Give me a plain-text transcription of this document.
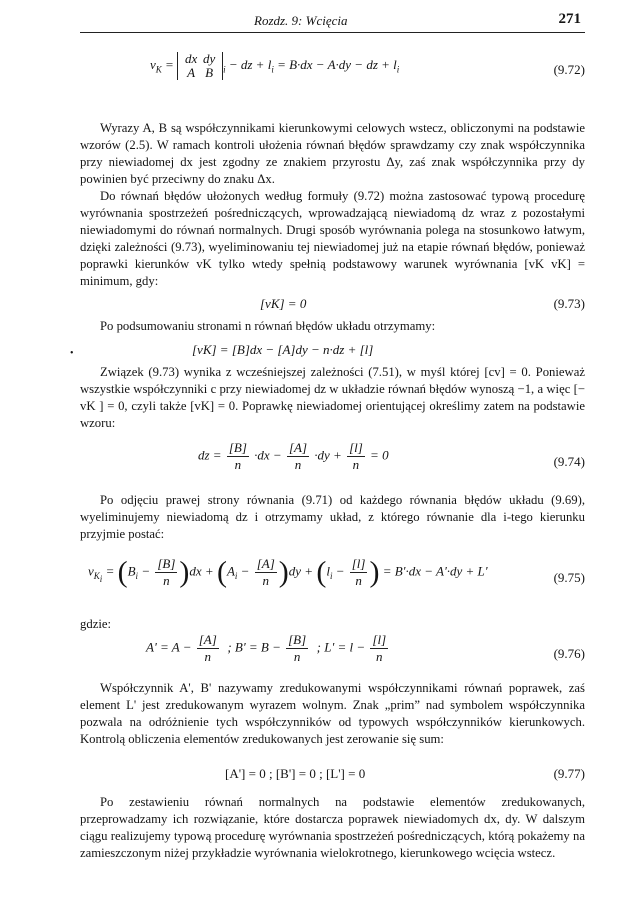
Rozdz. 9: Wcięcia	271
$v_K$ = dx dy
A B $_i$ − dz + $l_i = B\cdot dx - A\cdot dy$ − dz + $l_i$	(9.72)

Wyrazy A, B są współczynnikami kierunkowymi celowych wstecz, obliczonymi na podstawie wzorów (2.5). W ramach kontroli ułożenia równań błędów sprawdzamy czy znak współczynnika przy niewiadomej dx jest zgodny ze znakiem przyrostu Δy, zaś znak współczynnika przy dy powinien być przeciwny do znaku Δx.

Do równań błędów ułożonych według formuły (9.72) można zastosować typową procedurę wyrównania spostrzeżeń pośredniczących, wprowadzającą niewiadomą dz wraz z pozostałymi niewiadomymi do równań normalnych. Drugi sposób wyrównania polega na stosunkowo łatwym, dzięki zależności (9.73), wyeliminowaniu tej niewiadomej już na etapie równań błędów, ponieważ poprawki kierunków vK tylko wtedy spełnią podstawowy warunek wyrównania [vK vK] = minimum, gdy:

[vK] = 0	(9.73)

Po podsumowaniu stronami n równań błędów układu otrzymamy:

•	[vK] = [B]dx − [A]dy − n·dz + [l]

Związek (9.73) wynika z wcześniejszej zależności (7.51), w myśl której [cv] = 0. Ponieważ wszystkie współczynniki c przy niewiadomej dz w układzie równań błędów wynoszą −1, a więc [− vK ] = 0, czyli także [vK] = 0. Poprawkę niewiadomej orientującej określimy zatem na podstawie wzoru:

dz = $\frac{[B]}{n} \cdot dx - \frac{[A]}{n} \cdot dy + \frac{[l]}{n} = 0$	(9.74)

Po odjęciu prawej strony równania (9.71) od każdego równania błędów układu (9.69), wyeliminujemy niewiadomą dz i otrzymamy układ, z którego równanie dla i-tego kierunku przyjmie postać:

$v_{K_i} = (B_i - \frac{[B]}{n} )dx + (A_i - \frac{[A]}{n} )dy + (l_i - \frac{[l]}{n}$ ) = B'·dx − A'·dy + L'	(9.75)

gdzie:

$A' = A - \frac{[A]}{n}$ ; $B' = B - \frac{[B]}{n}$ ; $L' = l - \frac{[l]}{n}$	(9.76)

Współczynnik A', B' nazywamy zredukowanymi współczynnikami równań poprawek, zaś element L' jest zredukowanym wyrazem wolnym. Znak „prim” nad symbolem współczynnika pozwala na odróżnienie tych współczynników od typowych współczynników kierunkowych. Kontrolą obliczenia elementów zredukowanych jest zerowanie się sum:

[A'] = 0 ; [B'] = 0 ; [L'] = 0	(9.77)

Po zestawieniu równań normalnych na podstawie elementów zredukowanych, przeprowadzamy ich rozwiązanie, które dostarcza poprawek niewiadomych dx, dy. W dalszym ciągu realizujemy typową procedurę wyrównania spostrzeżeń pośredniczących, którą pokażemy na zamieszczonym niżej przykładzie wyrównania wielokrotnego, kierunkowego wcięcia wstecz.
